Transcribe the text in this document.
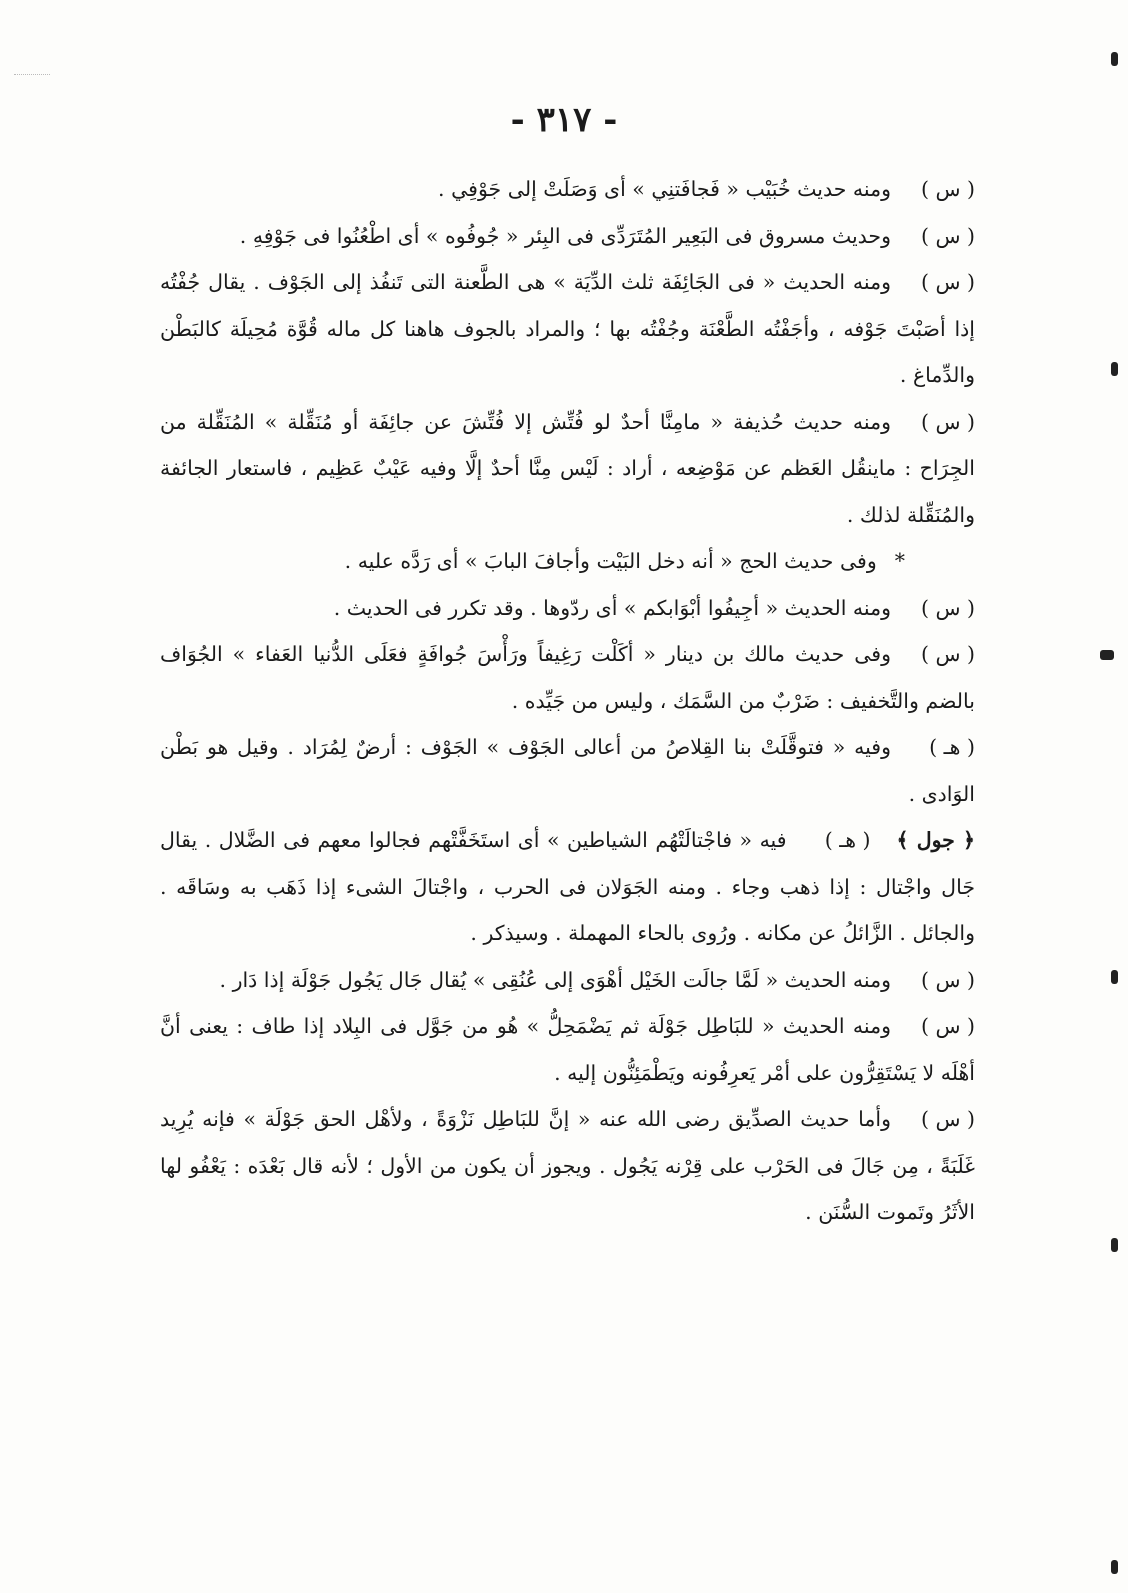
- ٣١٧ -

( س )ومنه حديث خُبَيْب « فَجافَتنِي » أى وَصَلَتْ إلى جَوْفِي .

( س )وحديث مسروق فى البَعِير المُتَرَدِّى فى البِئر « جُوفُوه » أى اطْعُنُوا فى جَوْفِهِ .

( س )ومنه الحديث « فى الجَائِفَة ثلث الدِّيَة » هى الطَّعنة التى تَنفُذ إلى الجَوْف . يقال جُفْتُه إذا أصَبْتَ جَوْفه ، وأجَفْتُه الطَّعْنَة وجُفْتُه بها ؛ والمراد بالجوف هاهنا كل ماله قُوَّة مُحِيلَة كالبَطْن والدِّماغ .

( س )ومنه حديث حُذيفة « مامِنَّا أحدٌ لو فُتِّش إلا فُتِّشَ عن جائِفَة أو مُنَقِّلة » المُنَقِّلة من الجِرَاح : ماينقُل العَظم عن مَوْضِعه ، أراد : لَيْس مِنَّا أحدٌ إلَّا وفيه عَيْبٌ عَظِيم ، فاستعار الجائفة والمُنَقِّلة لذلك .

*وفى حديث الحج « أنه دخل البَيْت وأجافَ البابَ » أى رَدَّه عليه .

( س )ومنه الحديث « أجِيفُوا أبْوَابكم » أى ردّوها . وقد تكرر فى الحديث .

( س )وفى حديث مالك بن دينار « أكَلْت رَغِيفاً ورَأْسَ جُوافَةٍ فعَلَى الدُّنيا العَفاء » الجُوَاف بالضم والتَّخفيف : ضَرْبٌ من السَّمَك ، وليس من جَيِّده .

( هـ )وفيه « فتوقَّلَتْ بنا القِلاصُ من أعالى الجَوْف » الجَوْف : أرضٌ لِمُرَاد . وقيل هو بَطْن الوَادى .

﴿ جول ﴾( هـ )فيه « فاجْتالَتْهُم الشياطين » أى استَخَفَّتْهم فجالوا معهم فى الضَّلال . يقال جَال واجْتال : إذا ذهب وجاء . ومنه الجَوَلان فى الحرب ، واجْتالَ الشىء إذا ذَهَب به وسَاقَه . والجائل . الزَّائلُ عن مكانه . ورُوى بالحاء المهملة . وسيذكر .

( س )ومنه الحديث « لَمَّا جالَت الخَيْل أهْوَى إلى عُنُقِى » يُقال جَال يَجُول جَوْلَة إذا دَار .

( س )ومنه الحديث « للبَاطِل جَوْلَة ثم يَضْمَحِلُّ » هُو من جَوَّل فى البِلاد إذا طاف : يعنى أنَّ أهْلَه لا يَسْتَقِرُّون على أمْر يَعرِفُونه ويَطْمَئِنُّون إليه .

( س )وأما حديث الصدِّيق رضى الله عنه « إنَّ للبَاطِل نَزْوَةً ، ولأهْل الحق جَوْلَة » فإنه يُرِيد غَلَبَةً ، مِن جَالَ فى الحَرْب على قِرْنه يَجُول . ويجوز أن يكون من الأول ؛ لأنه قال بَعْدَه : يَعْفُو لها الأثَرُ وتَموت السُّنَن .
